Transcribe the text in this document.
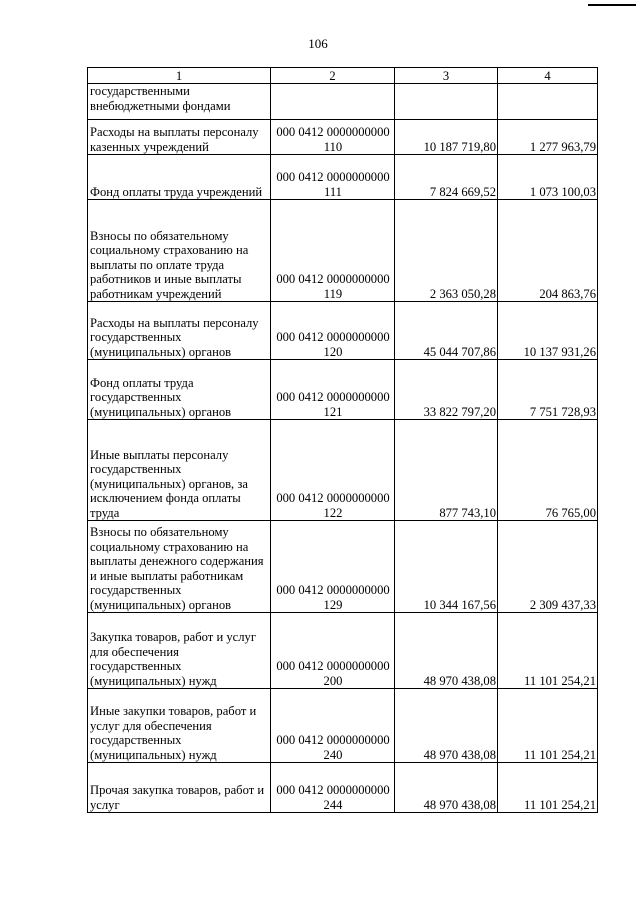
106
1	2	3	4
государственными внебюджетными фондами			
Расходы на выплаты персоналу казенных учреждений	000 0412 0000000000 110	10 187 719,80	1 277 963,79
Фонд оплаты труда учреждений	000 0412 0000000000 111	7 824 669,52	1 073 100,03
Взносы по обязательному социальному страхованию на выплаты по оплате труда работников и иные выплаты работникам учреждений	000 0412 0000000000 119	2 363 050,28	204 863,76
Расходы на выплаты персоналу государственных (муниципальных) органов	000 0412 0000000000 120	45 044 707,86	10 137 931,26
Фонд оплаты труда государственных (муниципальных) органов	000 0412 0000000000 121	33 822 797,20	7 751 728,93
Иные выплаты персоналу государственных (муниципальных) органов, за исключением фонда оплаты труда	000 0412 0000000000 122	877 743,10	76 765,00
Взносы по обязательному социальному страхованию на выплаты денежного содержания и иные выплаты работникам государственных (муниципальных) органов	000 0412 0000000000 129	10 344 167,56	2 309 437,33
Закупка товаров, работ и услуг для обеспечения государственных (муниципальных) нужд	000 0412 0000000000 200	48 970 438,08	11 101 254,21
Иные закупки товаров, работ и услуг для обеспечения государственных (муниципальных) нужд	000 0412 0000000000 240	48 970 438,08	11 101 254,21
Прочая закупка товаров, работ и услуг	000 0412 0000000000 244	48 970 438,08	11 101 254,21
